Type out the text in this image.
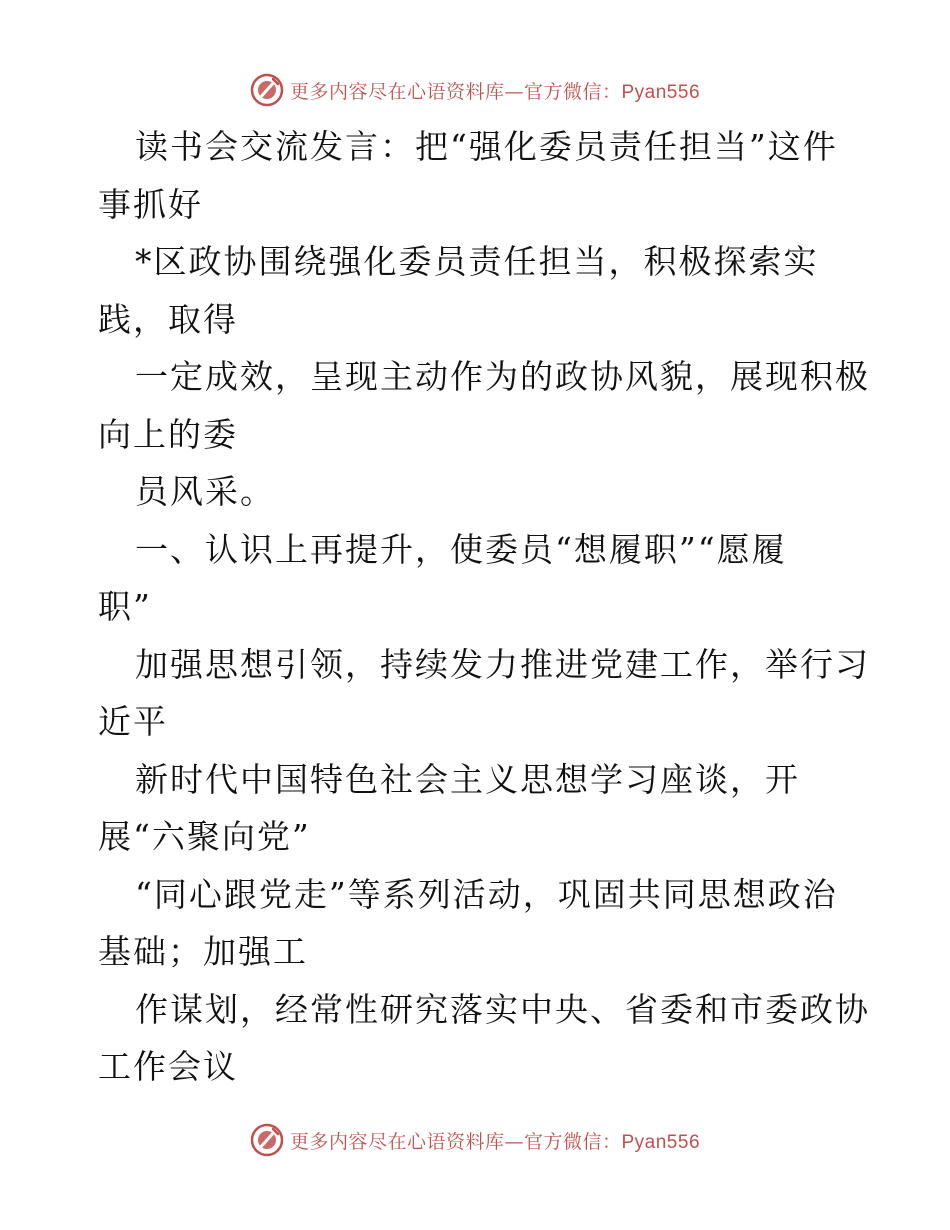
更多内容尽在心语资料库—官方微信：Pyan556
读书会交流发言：把“强化委员责任担当”这件
事抓好
*区政协围绕强化委员责任担当，积极探索实
践，取得
一定成效，呈现主动作为的政协风貌，展现积极
向上的委
员风采。
一、认识上再提升，使委员“想履职”“愿履
职”
加强思想引领，持续发力推进党建工作，举行习
近平
新时代中国特色社会主义思想学习座谈，开
展“六聚向党”
“同心跟党走”等系列活动，巩固共同思想政治
基础；加强工
作谋划，经常性研究落实中央、省委和市委政协
工作会议
更多内容尽在心语资料库—官方微信：Pyan556
